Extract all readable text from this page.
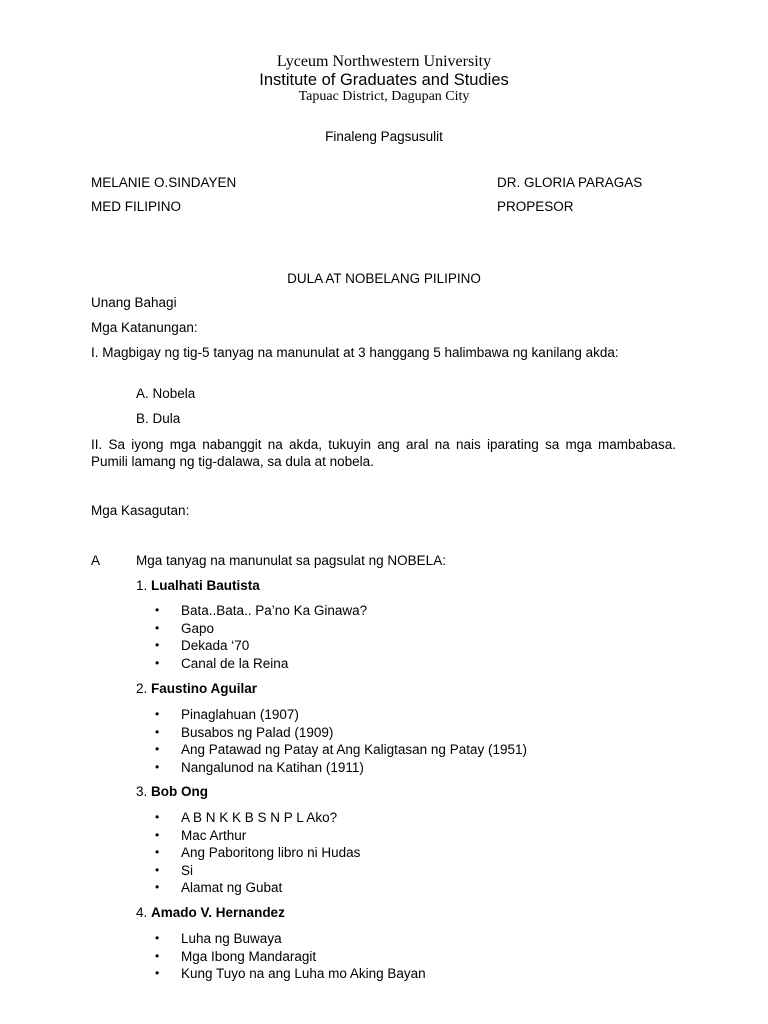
Lyceum Northwestern University
Institute of Graduates and Studies
Tapuac District, Dagupan City
Finaleng Pagsusulit
MELANIE O.SINDAYEN	DR. GLORIA PARAGAS
MED FILIPINO	PROPESOR
DULA AT NOBELANG PILIPINO
Unang Bahagi
Mga Katanungan:
I. Magbigay ng tig-5 tanyag na manunulat at 3 hanggang 5 halimbawa ng kanilang akda:
A. Nobela
B. Dula
II. Sa iyong mga nabanggit na akda, tukuyin ang aral na nais iparating sa mga mambabasa. Pumili lamang ng tig-dalawa, sa dula at nobela.
Mga Kasagutan:
A	Mga tanyag na manunulat sa pagsulat ng NOBELA:
1. Lualhati Bautista
• Bata..Bata.. Pa’no Ka Ginawa?
• Gapo
• Dekada ‘70
• Canal de la Reina
2. Faustino Aguilar
• Pinaglahuan (1907)
• Busabos ng Palad (1909)
• Ang Patawad ng Patay at Ang Kaligtasan ng Patay (1951)
• Nangalunod na Katihan (1911)
3. Bob Ong
• A B N K K B S N P L Ako?
• Mac Arthur
• Ang Paboritong libro ni Hudas
• Si
• Alamat ng Gubat
4. Amado V. Hernandez
• Luha ng Buwaya
• Mga Ibong Mandaragit
• Kung Tuyo na ang Luha mo Aking Bayan
